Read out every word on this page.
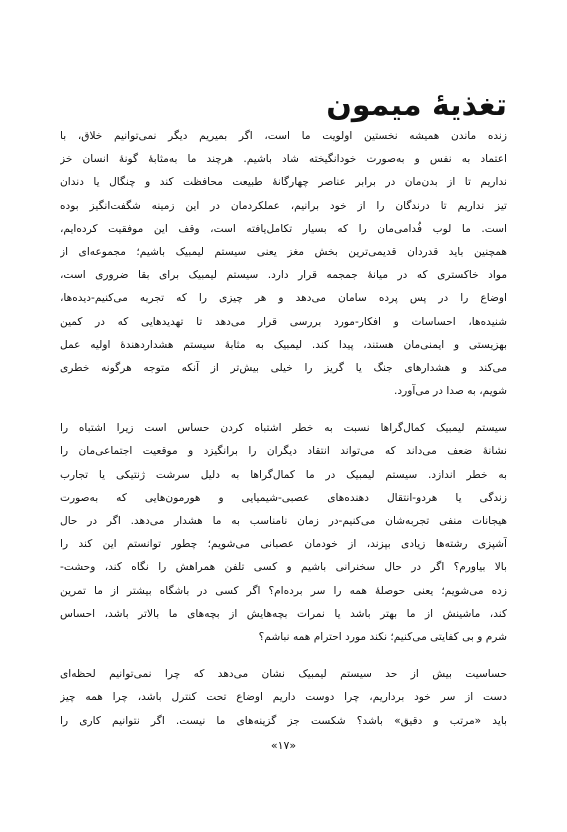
تغذیهٔ میمون

زنده ماندن همیشه نخستین اولویت ما است، اگر بمیریم دیگر نمی‌توانیم خلاق، با
اعتماد به نفس و به‌صورت خودانگیخته شاد باشیم. هرچند ما به‌مثابهٔ گونهٔ انسان خز
نداریم تا از بدن‌مان در برابر عناصر چهارگانهٔ طبیعت محافظت کند و چنگال یا دندان
تیز نداریم تا درندگان را از خود برانیم، عملکردمان در این زمینه شگفت‌انگیز بوده
است. ما لوب فُدامی‌مان را که بسیار تکامل‌یافته است، وقف این موفقیت کرده‌ایم،
همچنین باید قدردان قدیمی‌ترین بخش مغز یعنی سیستم لیمبیک باشیم؛ مجموعه‌ای از
مواد خاکستری که در میانهٔ جمجمه قرار دارد. سیستم لیمبیک برای بقا ضروری است،
اوضاع را در پس پرده سامان می‌دهد و هر چیزی را که تجربه می‌کنیم-دیده‌ها،
شنیده‌ها، احساسات و افکار-مورد بررسی قرار می‌دهد تا تهدیدهایی که در کمین
بهزیستی و ایمنی‌مان هستند، پیدا کند. لیمبیک به مثابهٔ سیستم هشداردهندهٔ اولیه عمل
می‌کند و هشدارهای جنگ یا گریز را خیلی بیش‌تر از آنکه متوجه هرگونه خطری
شویم، به صدا در می‌آورد.

سیستم لیمبیک کمال‌گراها نسبت به خطر اشتباه کردن حساس است زیرا اشتباه را
نشانهٔ ضعف می‌داند که می‌تواند انتقاد دیگران را برانگیزد و موقعیت اجتماعی‌مان را
به خطر اندازد. سیستم لیمبیک در ما کمال‌گراها به دلیل سرشت ژنتیکی یا تجارب
زندگی یا هردو-انتقال دهنده‌های عصبی-شیمیایی و هورمون‌هایی که به‌صورت
هیجانات منفی تجربه‌شان می‌کنیم-در زمان نامناسب به ما هشدار می‌دهد. اگر در حال
آشپزی رشته‌ها زیادی بپزند، از خودمان عصبانی می‌شویم؛ چطور توانستم این کند را
بالا بیاورم؟ اگر در حال سخنرانی باشیم و کسی تلفن همراهش را نگاه کند، وحشت-
زده می‌شویم؛ یعنی حوصلهٔ همه را سر برده‌ام؟ اگر کسی در باشگاه بیشتر از ما تمرین
کند، ماشینش از ما بهتر باشد یا نمرات بچه‌هایش از بچه‌های ما بالاتر باشد، احساس
شرم و بی کفایتی می‌کنیم؛ نکند مورد احترام همه نباشم؟

حساسیت بیش از حد سیستم لیمبیک نشان می‌دهد که چرا نمی‌توانیم لحظه‌ای
دست از سر خود برداریم، چرا دوست داریم اوضاع تحت کنترل باشد، چرا همه چیز
باید «مرتب و دقیق» باشد؟ شکست جز گزینه‌های ما نیست. اگر نتوانیم کاری را

«۱۷»
